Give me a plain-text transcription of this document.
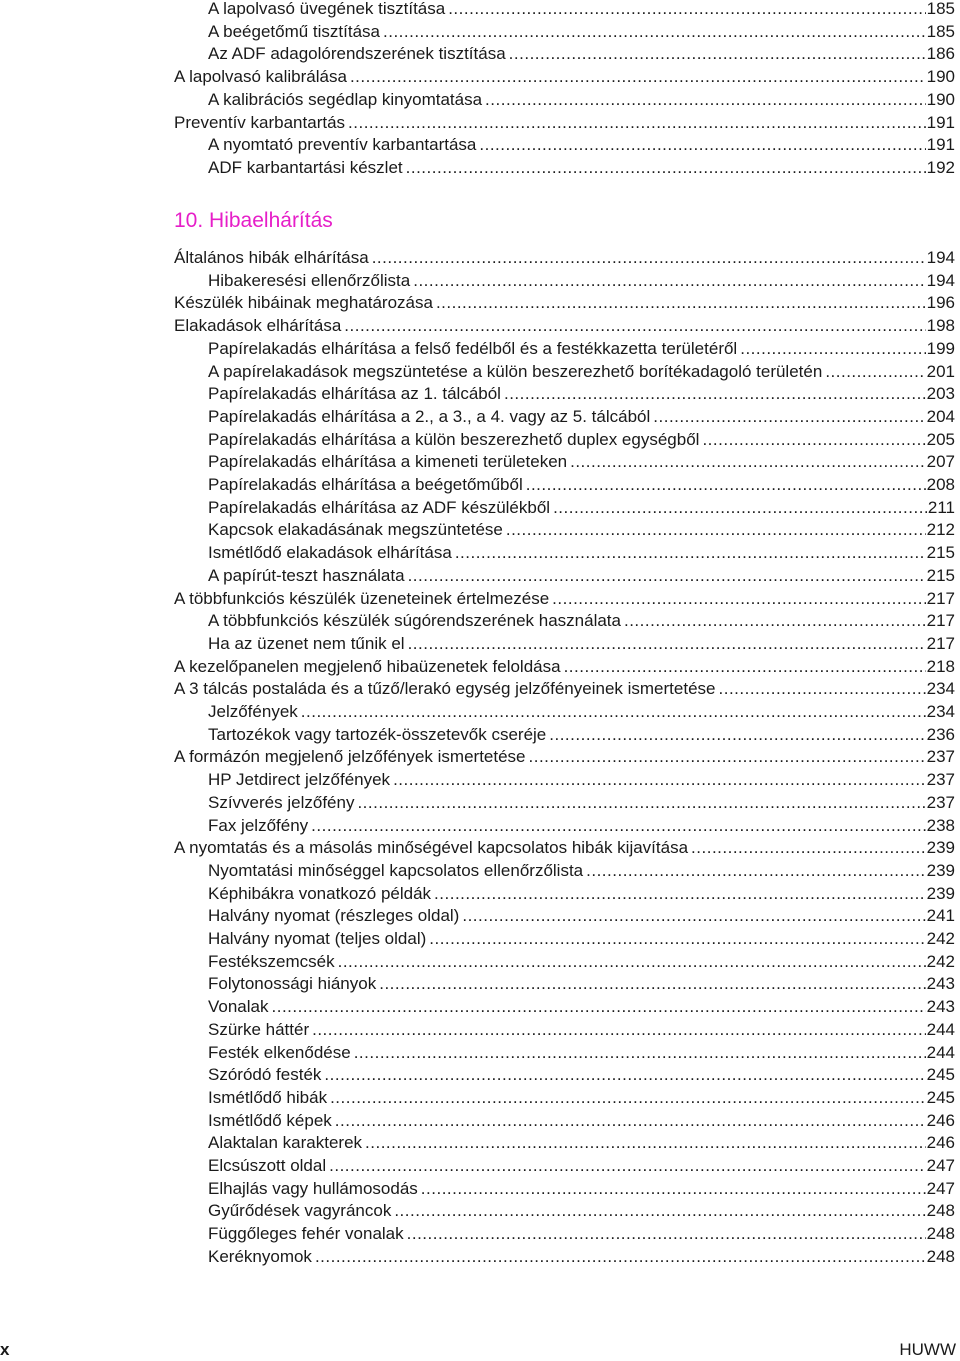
10. Hibaelhárítás
A lapolvasó üvegének tisztítása .....	185
A beégetőmű tisztítása .....	185
Az ADF adagolórendszerének tisztítása .....	186
A lapolvasó kalibrálása .....	190
A kalibrációs segédlap kinyomtatása .....	190
Preventív karbantartás .....	191
A nyomtató preventív karbantartása .....	191
ADF karbantartási készlet .....	192
Általános hibák elhárítása .....	194
Hibakeresési ellenőrzőlista .....	194
Készülék hibáinak meghatározása .....	196
Elakadások elhárítása .....	198
Papírelakadás elhárítása a felső fedélből és a festékkazetta területéről .....	199
A papírelakadások megszüntetése a külön beszerezhető borítékadagoló területén .....	201
Papírelakadás elhárítása az 1. tálcából .....	203
Papírelakadás elhárítása a 2., a 3., a 4. vagy az 5. tálcából .....	204
Papírelakadás elhárítása a külön beszerezhető duplex egységből .....	205
Papírelakadás elhárítása a kimeneti területeken .....	207
Papírelakadás elhárítása a beégetőműből .....	208
Papírelakadás elhárítása az ADF készülékből .....	211
Kapcsok elakadásának megszüntetése .....	212
Ismétlődő elakadások elhárítása .....	215
A papírút-teszt használata .....	215
A többfunkciós készülék üzeneteinek értelmezése .....	217
A többfunkciós készülék súgórendszerének használata .....	217
Ha az üzenet nem tűnik el .....	217
A kezelőpanelen megjelenő hibaüzenetek feloldása .....	218
A 3 tálcás postaláda és a tűző/lerakó egység jelzőfényeinek ismertetése .....	234
Jelzőfények .....	234
Tartozékok vagy tartozék-összetevők cseréje .....	236
A formázón megjelenő jelzőfények ismertetése .....	237
HP Jetdirect jelzőfények .....	237
Szívverés jelzőfény .....	237
Fax jelzőfény .....	238
A nyomtatás és a másolás minőségével kapcsolatos hibák kijavítása .....	239
Nyomtatási minőséggel kapcsolatos ellenőrzőlista .....	239
Képhibákra vonatkozó példák .....	239
Halvány nyomat (részleges oldal) .....	241
Halvány nyomat (teljes oldal) .....	242
Festékszemcsék .....	242
Folytonossági hiányok .....	243
Vonalak .....	243
Szürke háttér .....	244
Festék elkenődése .....	244
Szóródó festék .....	245
Ismétlődő hibák .....	245
Ismétlődő képek .....	246
Alaktalan karakterek .....	246
Elcsúszott oldal .....	247
Elhajlás vagy hullámosodás .....	247
Gyűrődések vagyráncok .....	248
Függőleges fehér vonalak .....	248
Keréknyomok .....	248
x	HUWW
